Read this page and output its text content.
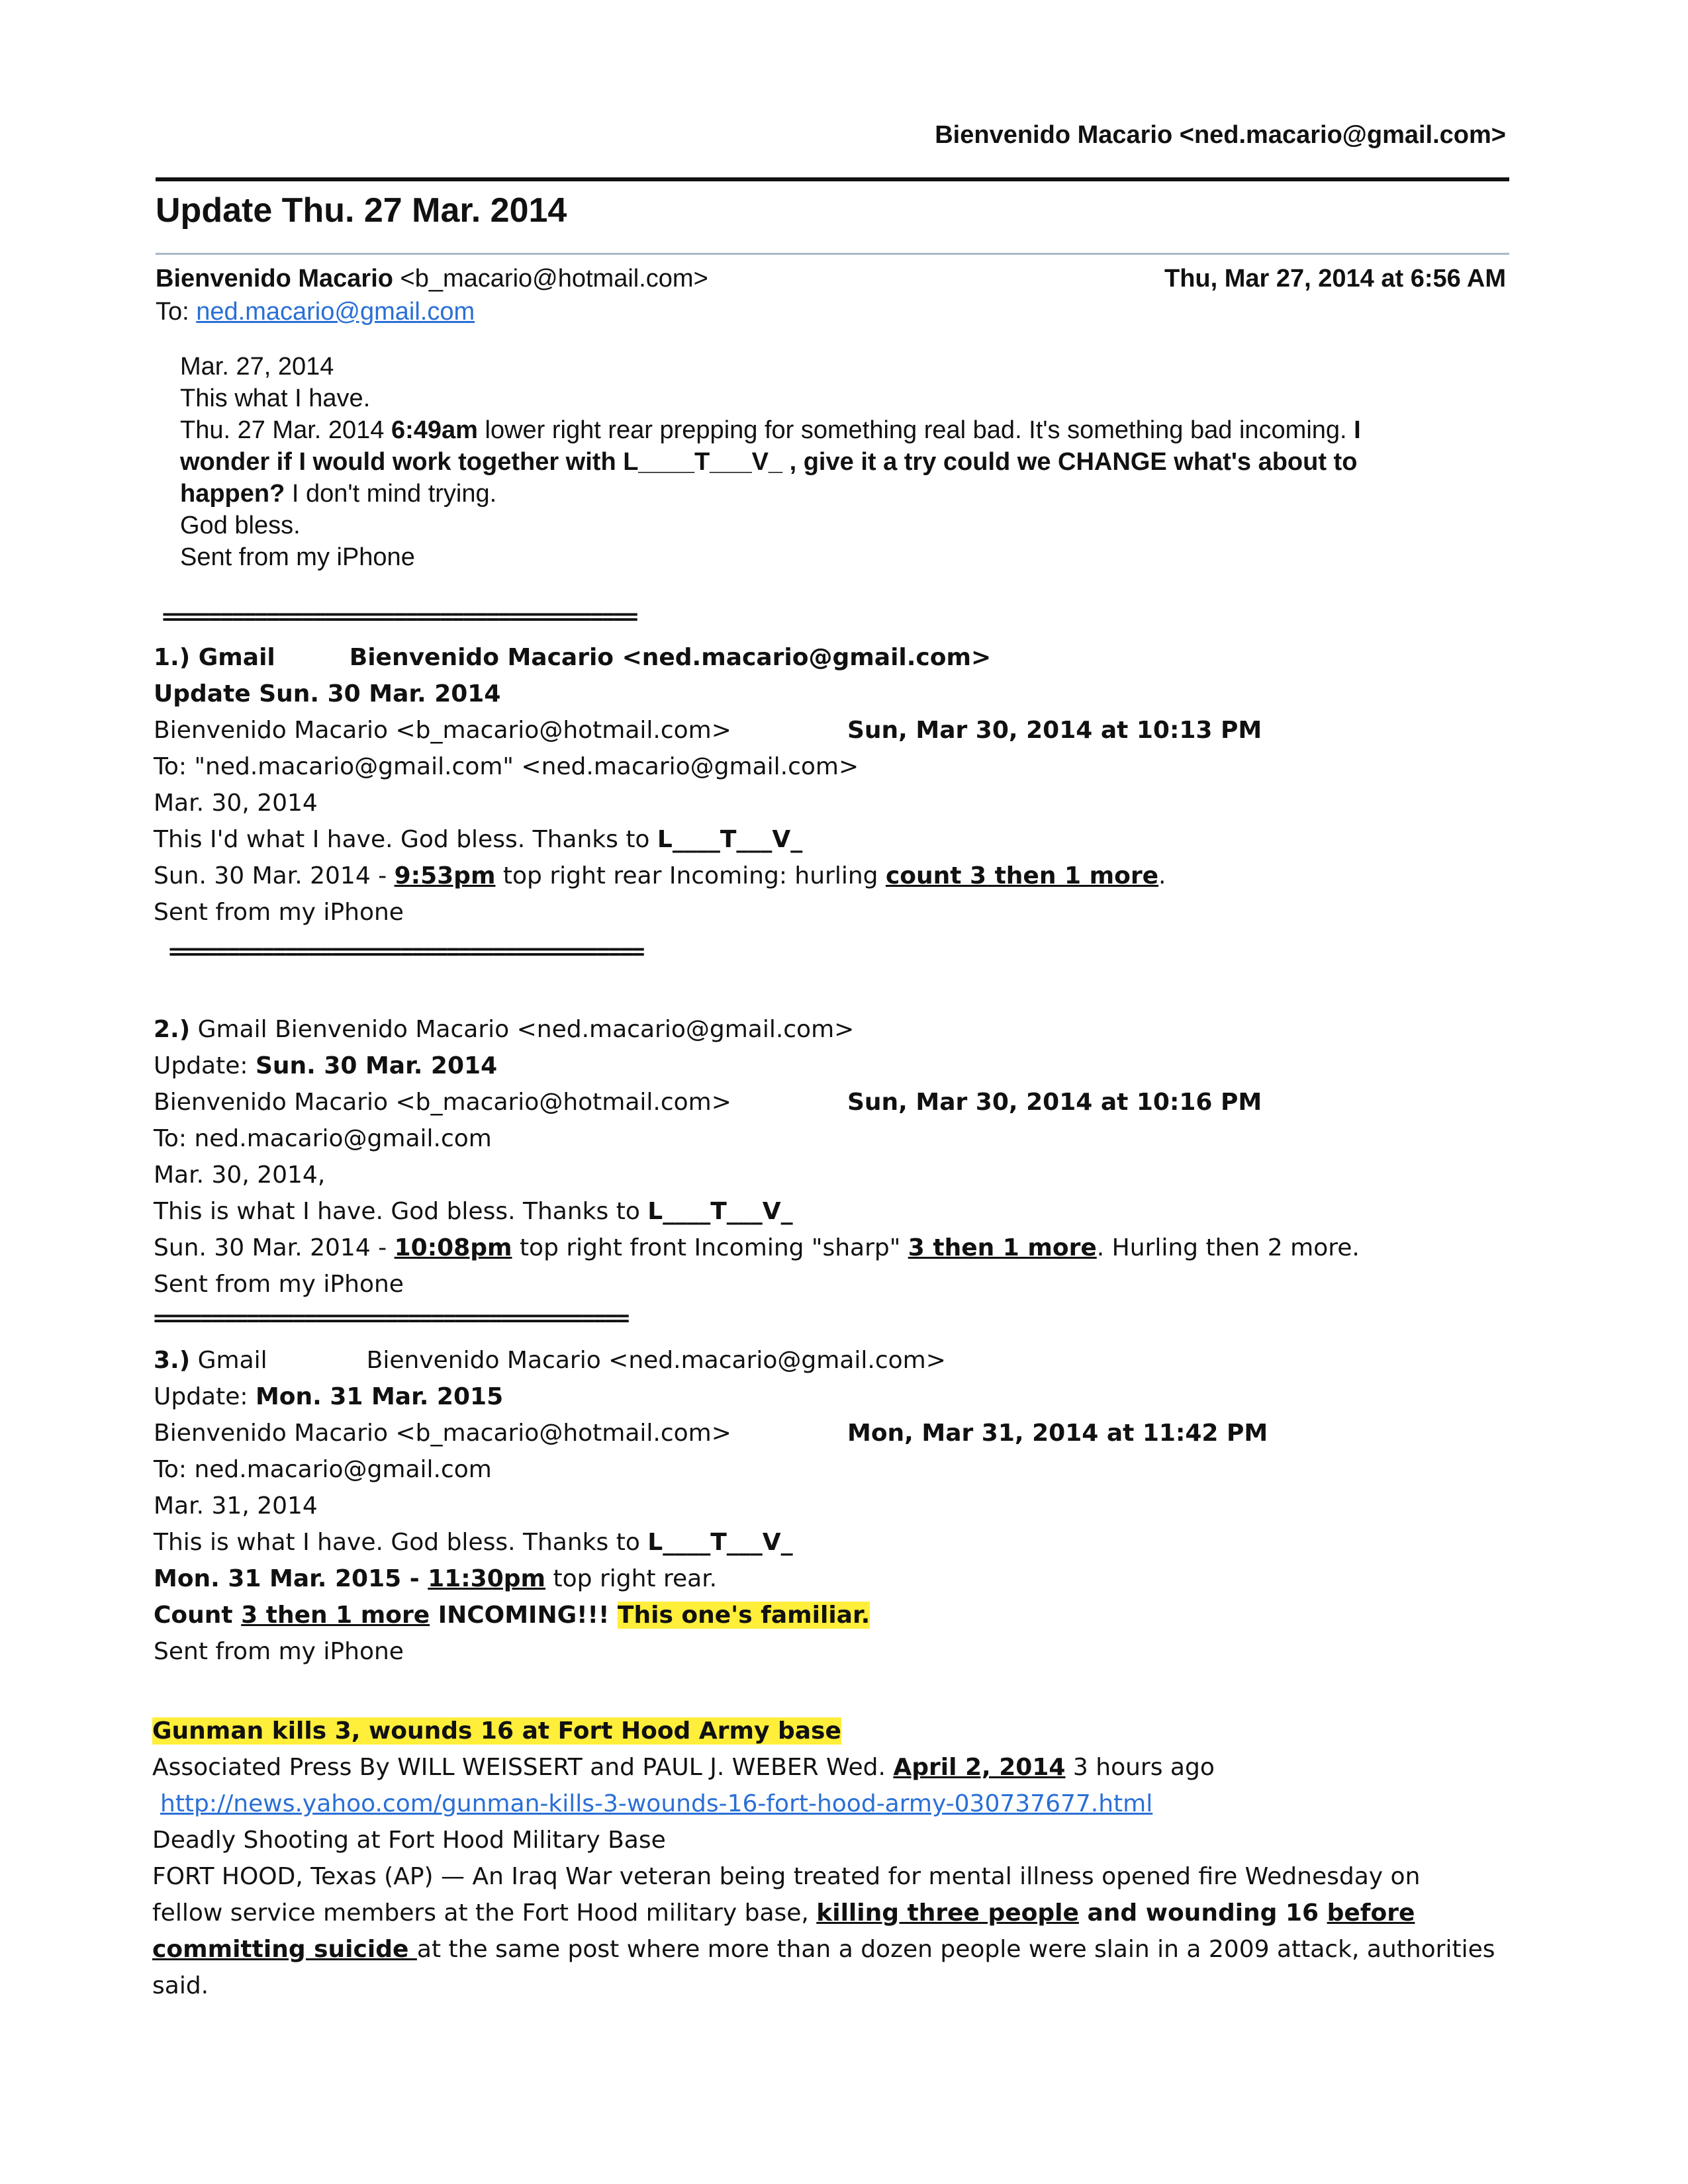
Bienvenido Macario <ned.macario@gmail.com>
Update Thu. 27 Mar. 2014
Bienvenido Macario <b_macario@hotmail.com>	Thu, Mar 27, 2014 at 6:56 AM
To: ned.macario@gmail.com

Mar. 27, 2014

This what I have.

Thu. 27 Mar. 2014 6:49am lower right rear prepping for something real bad. It's something bad incoming. I

wonder if I would work together with L____T___V_ , give it a try could we CHANGE what's about to

happen? I don't mind trying.

God bless.

Sent from my iPhone

=========================================

1.) Gmail	Bienvenido Macario <ned.macario@gmail.com>

Update Sun. 30 Mar. 2014

Bienvenido Macario <b_macario@hotmail.com>	Sun, Mar 30, 2014 at 10:13 PM

To: "ned.macario@gmail.com" <ned.macario@gmail.com>

Mar. 30, 2014

This I'd what I have. God bless. Thanks to L____T___V_

Sun. 30 Mar. 2014 - 9:53pm top right rear Incoming: hurling count 3 then 1 more.

Sent from my iPhone

=========================================

2.) Gmail Bienvenido Macario <ned.macario@gmail.com>

Update: Sun. 30 Mar. 2014

Bienvenido Macario <b_macario@hotmail.com>	Sun, Mar 30, 2014 at 10:16 PM

To: ned.macario@gmail.com

Mar. 30, 2014,

This is what I have. God bless. Thanks to L____T___V_

Sun. 30 Mar. 2014 - 10:08pm top right front Incoming "sharp" 3 then 1 more. Hurling then 2 more.

Sent from my iPhone

=========================================

3.) Gmail	Bienvenido Macario <ned.macario@gmail.com>

Update: Mon. 31 Mar. 2015

Bienvenido Macario <b_macario@hotmail.com>	Mon, Mar 31, 2014 at 11:42 PM

To: ned.macario@gmail.com

Mar. 31, 2014

This is what I have. God bless. Thanks to L____T___V_

Mon. 31 Mar. 2015 - 11:30pm top right rear.

Count 3 then 1 more INCOMING!!! This one's familiar.

Sent from my iPhone

Gunman kills 3, wounds 16 at Fort Hood Army base

Associated Press By WILL WEISSERT and PAUL J. WEBER Wed. April 2, 2014 3 hours ago

http://news.yahoo.com/gunman-kills-3-wounds-16-fort-hood-army-030737677.html

Deadly Shooting at Fort Hood Military Base

FORT HOOD, Texas (AP) — An Iraq War veteran being treated for mental illness opened fire Wednesday on

fellow service members at the Fort Hood military base, killing three people and wounding 16 before

committing suicide at the same post where more than a dozen people were slain in a 2009 attack, authorities

said.
